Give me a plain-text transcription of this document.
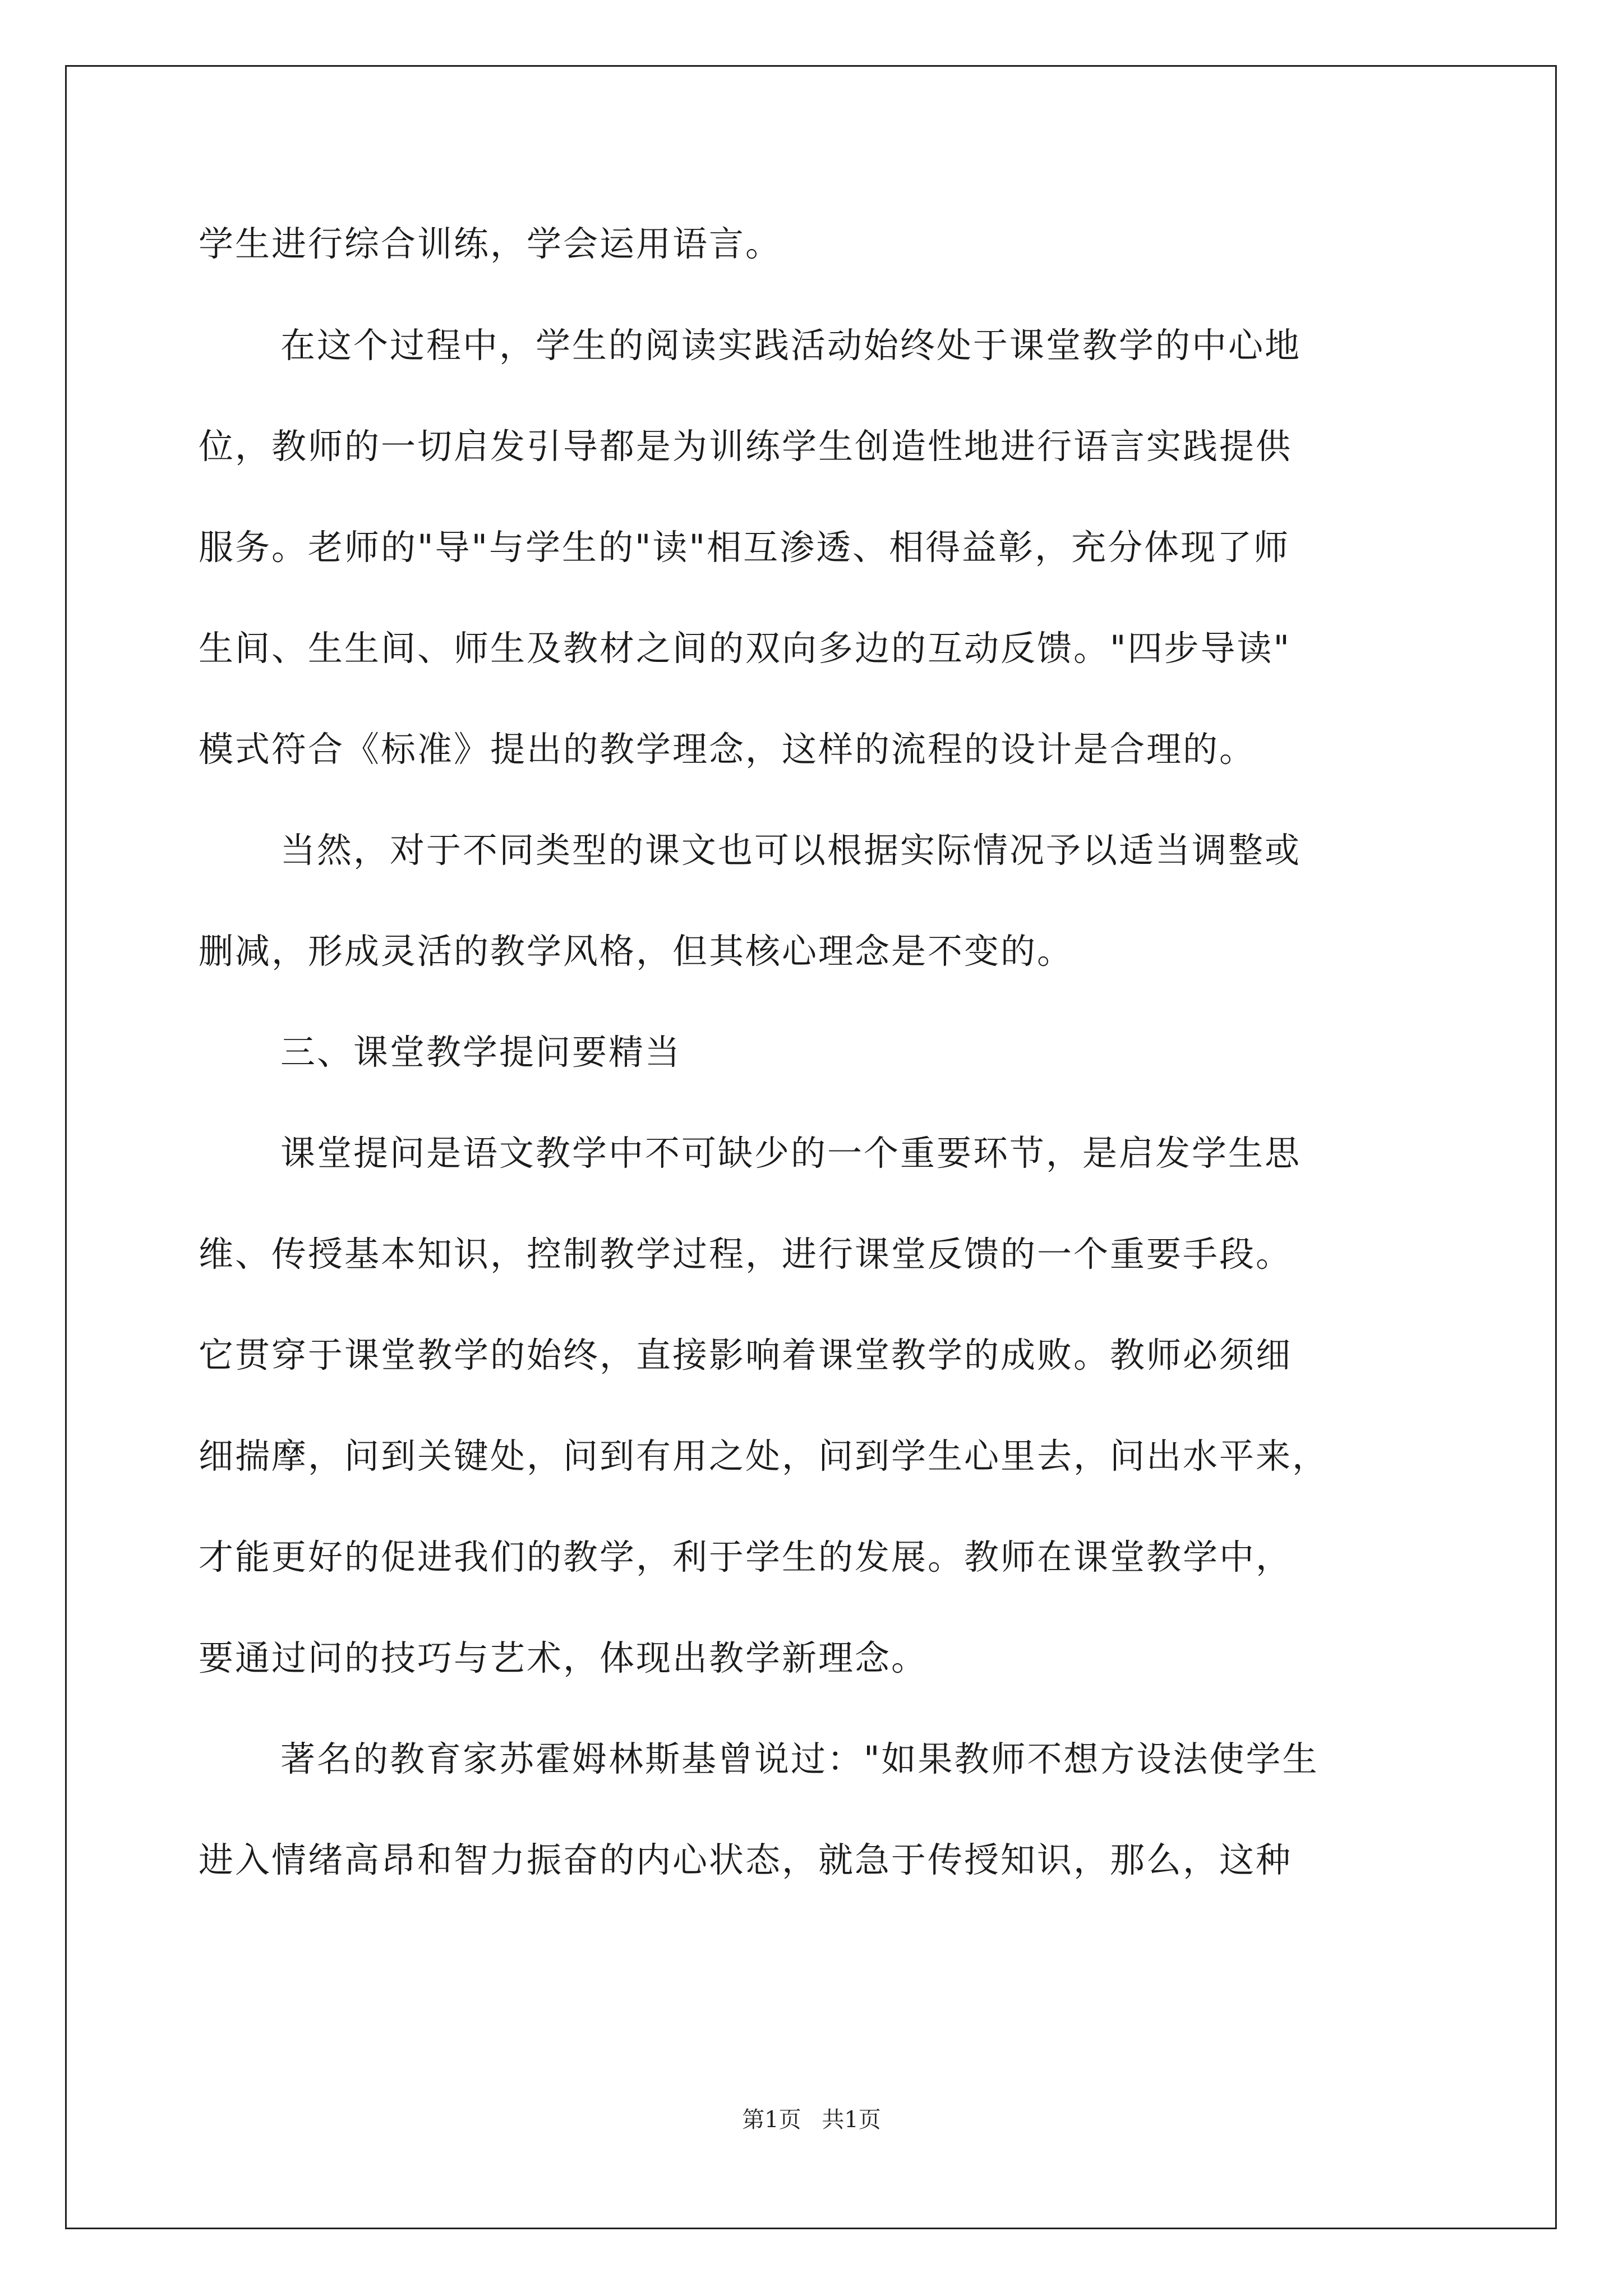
学生进行综合训练，学会运用语言。
在这个过程中，学生的阅读实践活动始终处于课堂教学的中心地
位，教师的一切启发引导都是为训练学生创造性地进行语言实践提供
服务。老师的"导"与学生的"读"相互渗透、相得益彰，充分体现了师
生间、生生间、师生及教材之间的双向多边的互动反馈。"四步导读"
模式符合《标准》提出的教学理念，这样的流程的设计是合理的。
当然，对于不同类型的课文也可以根据实际情况予以适当调整或
删减，形成灵活的教学风格，但其核心理念是不变的。
三、课堂教学提问要精当
课堂提问是语文教学中不可缺少的一个重要环节，是启发学生思
维、传授基本知识，控制教学过程，进行课堂反馈的一个重要手段。
它贯穿于课堂教学的始终，直接影响着课堂教学的成败。教师必须细
细揣摩，问到关键处，问到有用之处，问到学生心里去，问出水平来，
才能更好的促进我们的教学，利于学生的发展。教师在课堂教学中，
要通过问的技巧与艺术，体现出教学新理念。
著名的教育家苏霍姆林斯基曾说过："如果教师不想方设法使学生
进入情绪高昂和智力振奋的内心状态，就急于传授知识，那么，这种
第1页 共1页
